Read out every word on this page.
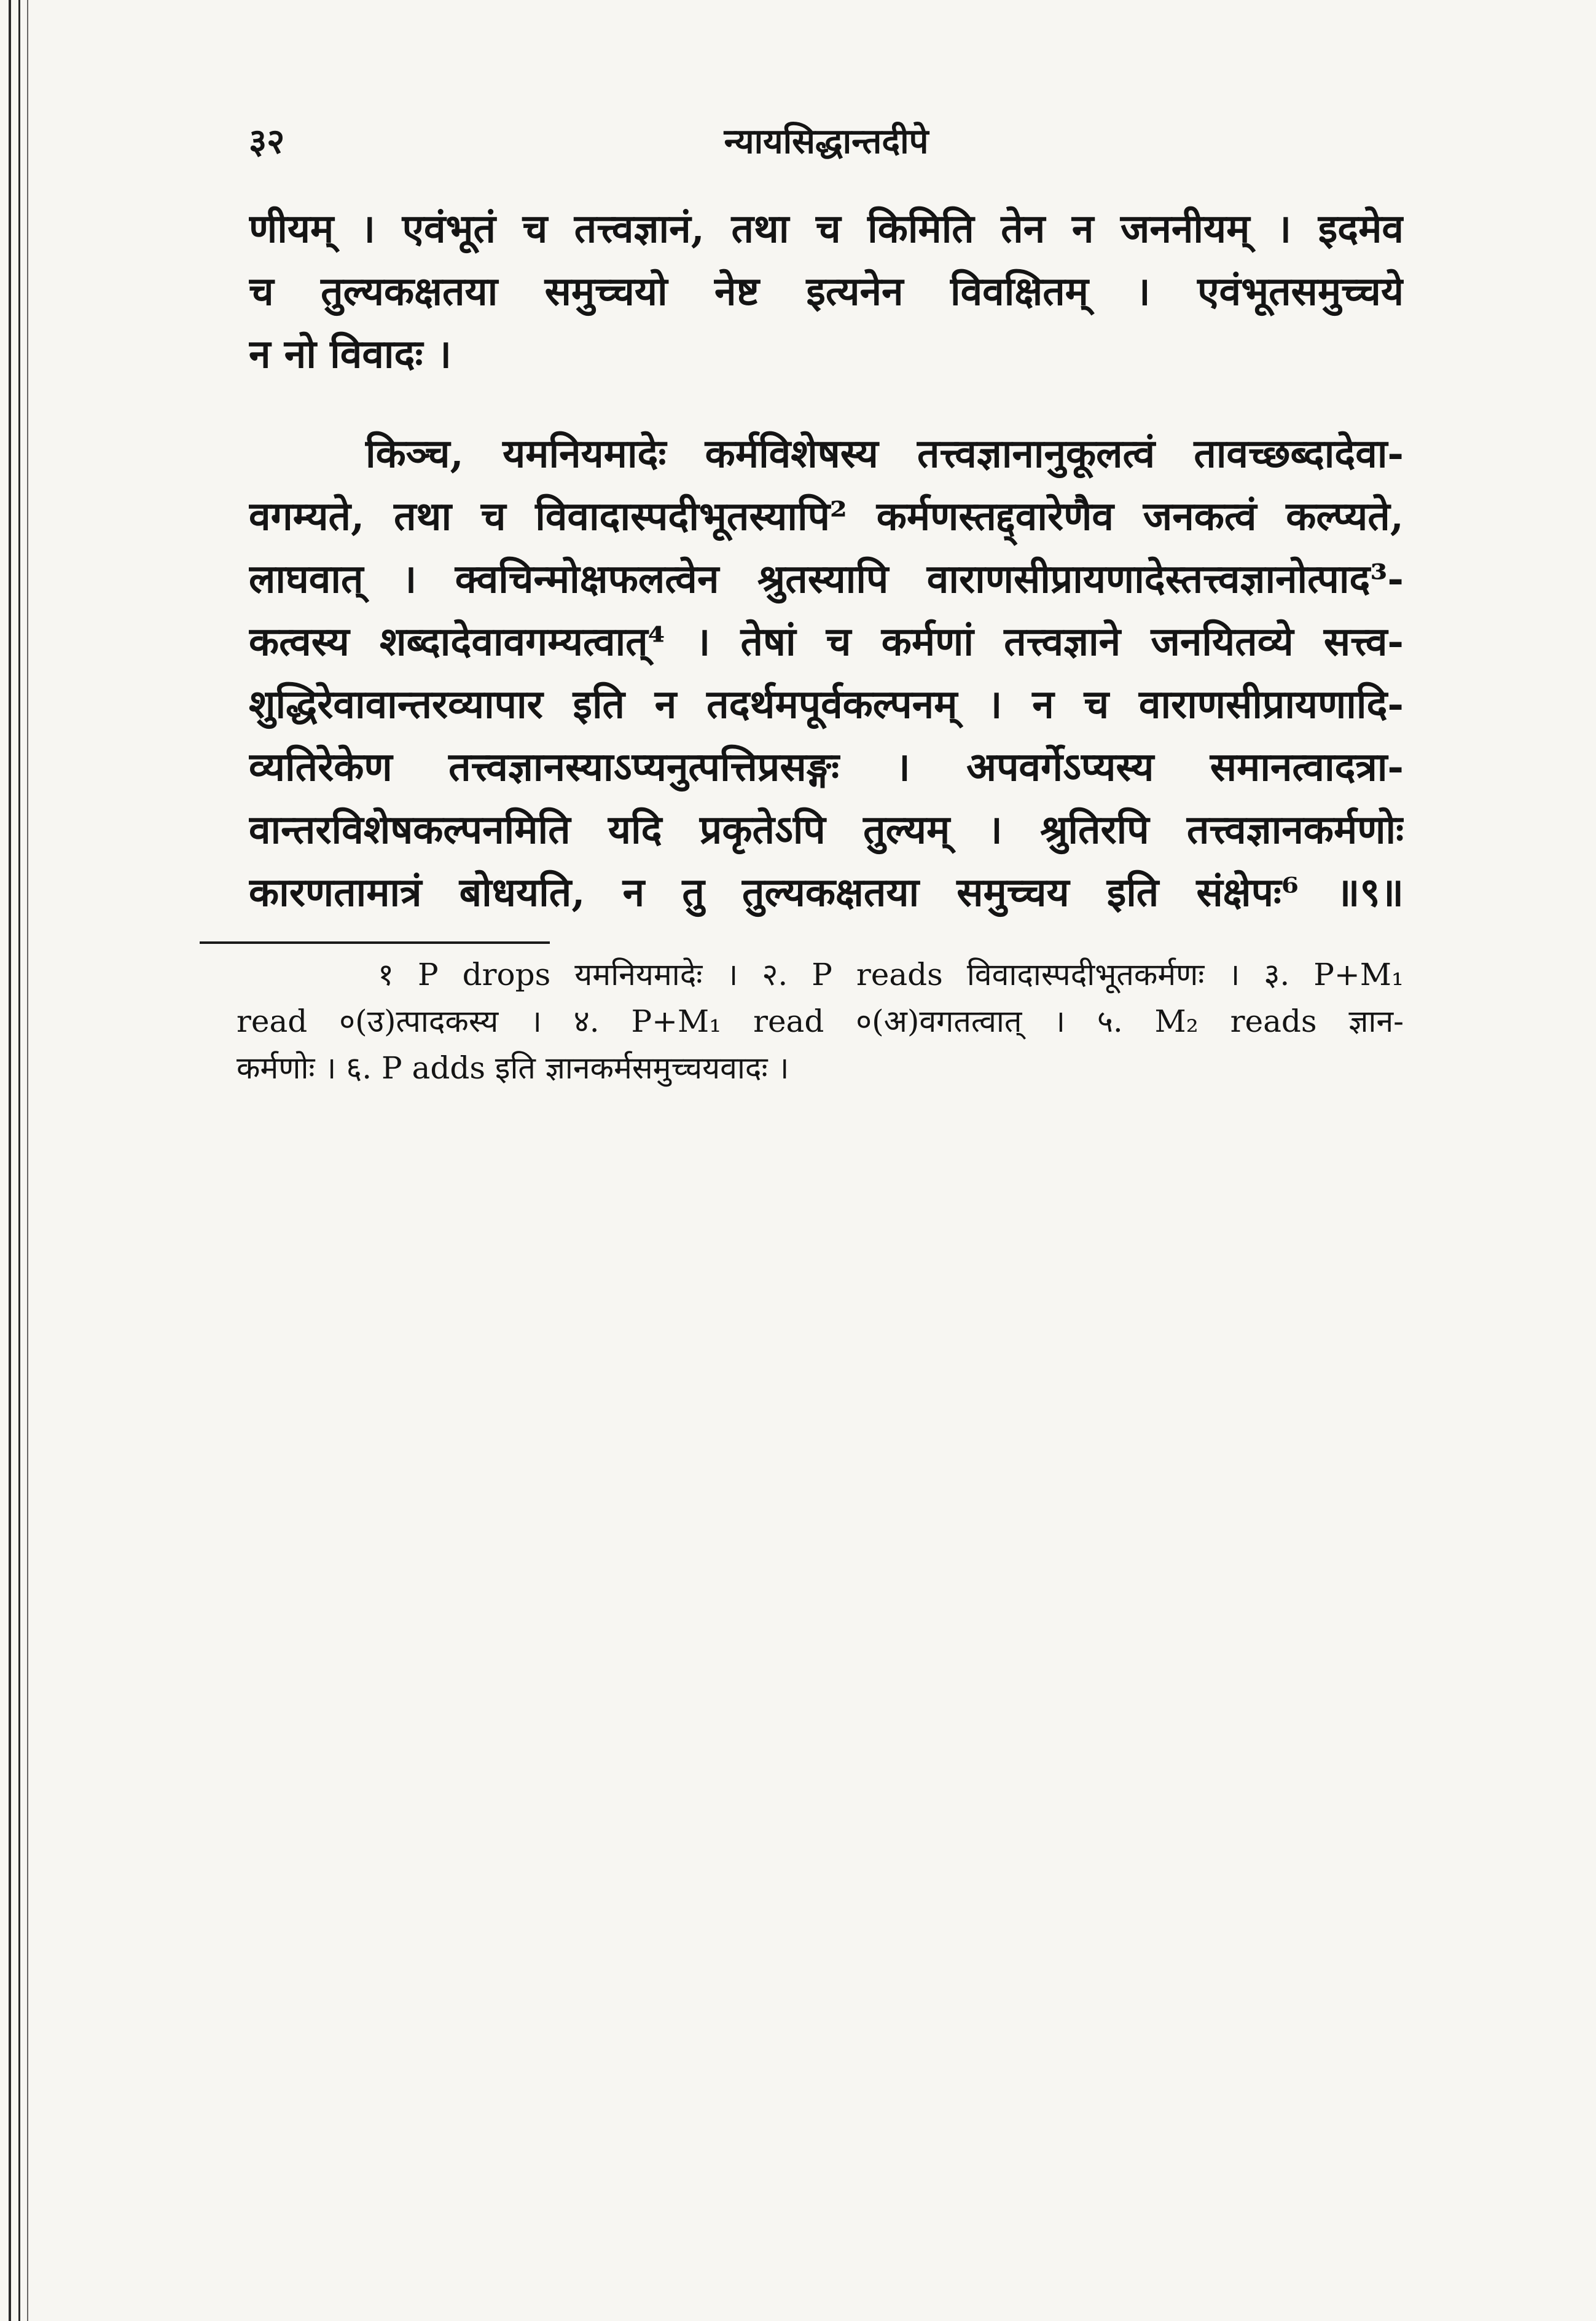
३२	न्यायसिद्धान्तदीपे
णीयम् । एवंभूतं च तत्त्वज्ञानं, तथा च किमिति तेन न जननीयम् । इदमेव
च तुल्यकक्षतया समुच्चयो नेष्ट इत्यनेन विवक्षितम् । एवंभूतसमुच्चये
न नो विवादः ।
किञ्च, यमनियमादेः कर्मविशेषस्य तत्त्वज्ञानानुकूलत्वं तावच्छब्दादेवा-
वगम्यते, तथा च विवादास्पदीभूतस्यापि² कर्मणस्तद्द्वारेणैव जनकत्वं कल्प्यते,
लाघवात् । क्वचिन्मोक्षफलत्वेन श्रुतस्यापि वाराणसीप्रायणादेस्तत्त्वज्ञानोत्पाद³-
कत्वस्य शब्दादेवावगम्यत्वात्⁴ । तेषां च कर्मणां तत्त्वज्ञाने जनयितव्ये सत्त्व-
शुद्धिरेवावान्तरव्यापार इति न तदर्थमपूर्वकल्पनम् । न च वाराणसीप्रायणादि-
व्यतिरेकेण तत्त्वज्ञानस्याऽप्यनुत्पत्तिप्रसङ्गः । अपवर्गेऽप्यस्य समानत्वादत्रा-
वान्तरविशेषकल्पनमिति यदि प्रकृतेऽपि तुल्यम् । श्रुतिरपि तत्त्वज्ञानकर्मणोः
कारणतामात्रं बोधयति, न तु तुल्यकक्षतया समुच्चय इति संक्षेपः⁶ ॥९॥
१ P drops यमनियमादेः । २. P reads विवादास्पदीभूतकर्मणः । ३. P+M₁
read ०(उ)त्पादकस्य । ४. P+M₁ read ०(अ)वगतत्वात् । ५. M₂ reads ज्ञान-
कर्मणोः । ६. P adds इति ज्ञानकर्मसमुच्चयवादः ।
